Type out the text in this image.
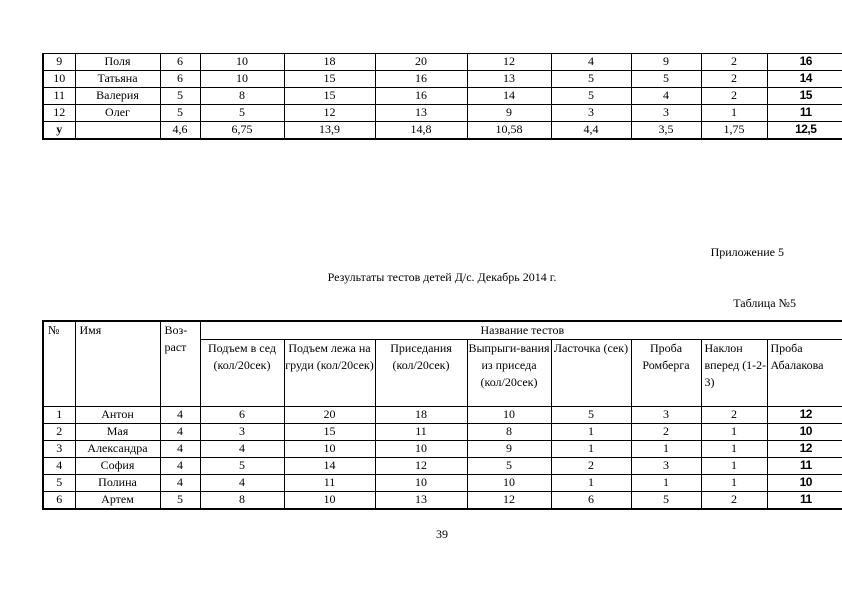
9	Поля	6	10	18	20	12	4	9	2	16
10	Татьяна	6	10	15	16	13	5	5	2	14
11	Валерия	5	8	15	16	14	5	4	2	15
12	Олег	5	5	12	13	9	3	3	1	11
у		4,6	6,75	13,9	14,8	10,58	4,4	3,5	1,75	12,5
Приложение 5
Результаты тестов детей Д/с. Декабрь 2014 г.
Таблица №5
№	Имя	Воз-раст	Название тестов							
			Подъем в сед (кол/20сек)	Подъем лежа на груди (кол/20сек)	Приседания (кол/20сек)	Выпрыги-вания из приседа (кол/20сек)	Ласточка (сек)	Проба Ромберга	Наклон вперед (1-2-3)	Проба Абалакова
1	Антон	4	6	20	18	10	5	3	2	12
2	Мая	4	3	15	11	8	1	2	1	10
3	Александра	4	4	10	10	9	1	1	1	12
4	София	4	5	14	12	5	2	3	1	11
5	Полина	4	4	11	10	10	1	1	1	10
6	Артем	5	8	10	13	12	6	5	2	11
39
